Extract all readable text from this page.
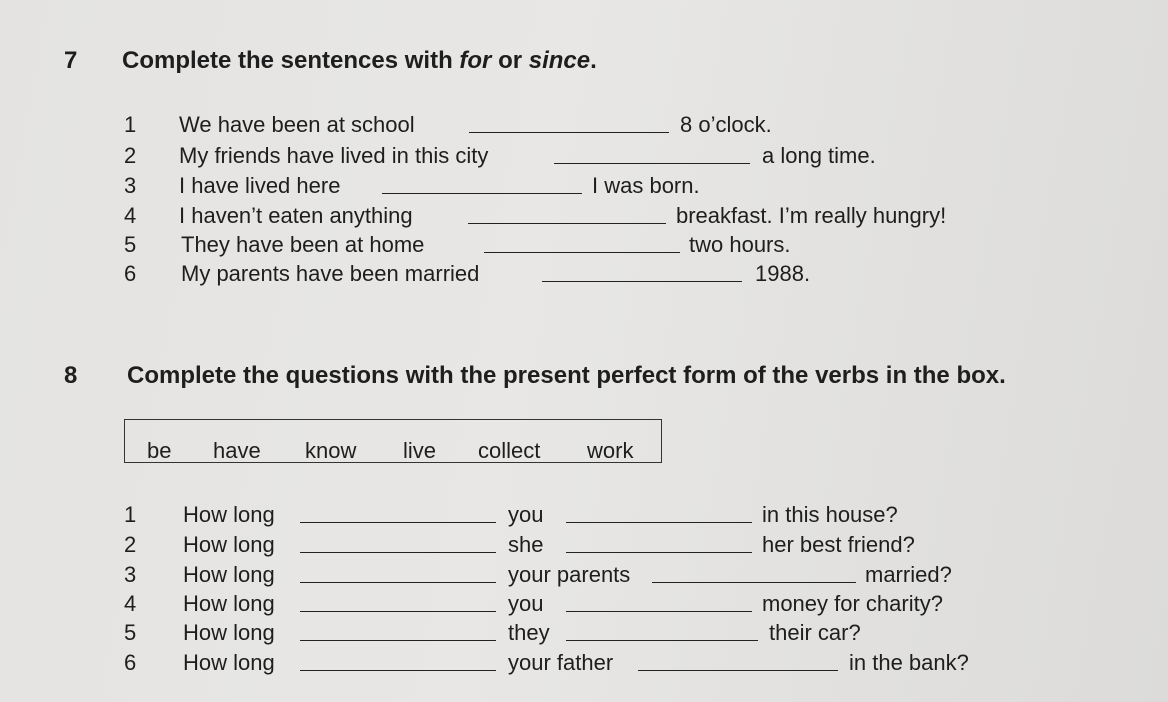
7 Complete the sentences with for or since.
1 We have been at school	8 o’clock.
2 My friends have lived in this city	a long time.
3 I have lived here	I was born.
4 I haven’t eaten anything	breakfast. I’m really hungry!
5 They have been at home	two hours.
6 My parents have been married	1988.
8 Complete the questions with the present perfect form of the verbs in the box.
be have know live collect work
1 How long	you	in this house?
2 How long	she	her best friend?
3 How long	your parents	married?
4 How long	you	money for charity?
5 How long	they	their car?
6 How long	your father	in the bank?
